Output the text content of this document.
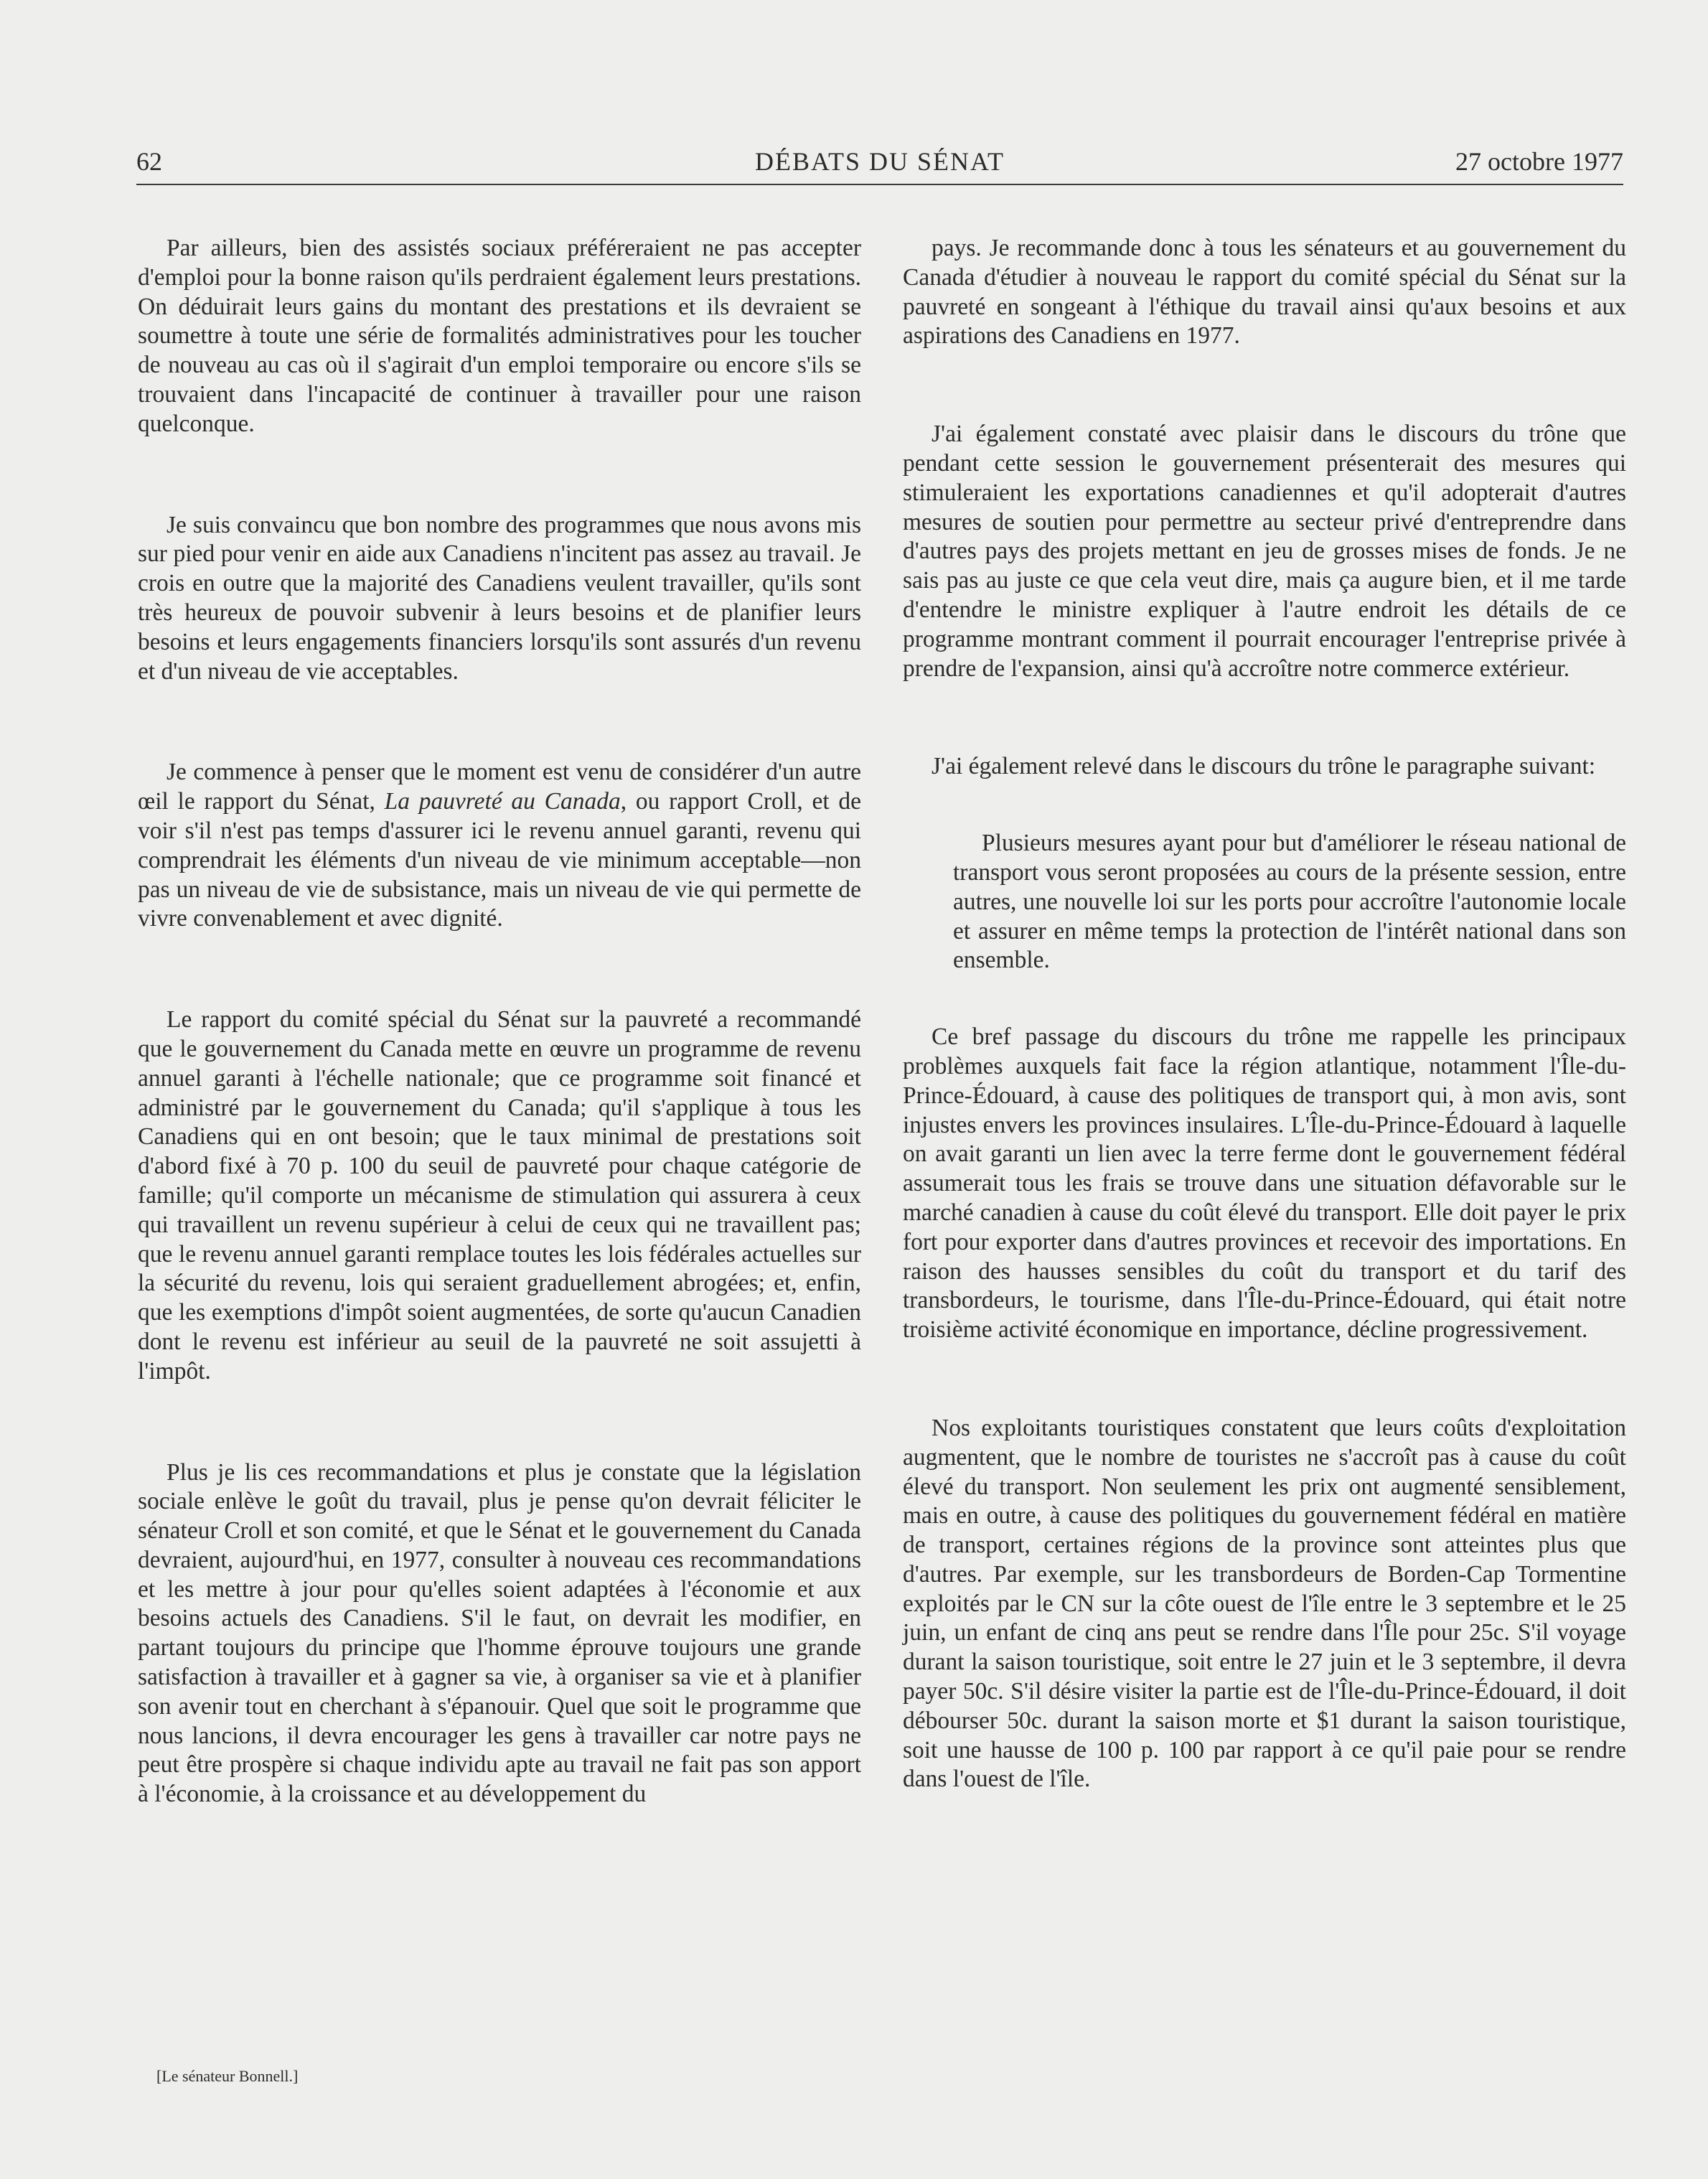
62	DÉBATS DU SÉNAT	27 octobre 1977

Par ailleurs, bien des assistés sociaux préféreraient ne pas accepter d'emploi pour la bonne raison qu'ils perdraient également leurs prestations. On déduirait leurs gains du montant des prestations et ils devraient se soumettre à toute une série de formalités administratives pour les toucher de nouveau au cas où il s'agirait d'un emploi temporaire ou encore s'ils se trouvaient dans l'incapacité de continuer à travailler pour une raison quelconque.

Je suis convaincu que bon nombre des programmes que nous avons mis sur pied pour venir en aide aux Canadiens n'incitent pas assez au travail. Je crois en outre que la majorité des Canadiens veulent travailler, qu'ils sont très heureux de pouvoir subvenir à leurs besoins et de planifier leurs besoins et leurs engagements financiers lorsqu'ils sont assurés d'un revenu et d'un niveau de vie acceptables.

Je commence à penser que le moment est venu de considérer d'un autre œil le rapport du Sénat, La pauvreté au Canada, ou rapport Croll, et de voir s'il n'est pas temps d'assurer ici le revenu annuel garanti, revenu qui comprendrait les éléments d'un niveau de vie minimum acceptable—non pas un niveau de vie de subsistance, mais un niveau de vie qui permette de vivre convenablement et avec dignité.

Le rapport du comité spécial du Sénat sur la pauvreté a recommandé que le gouvernement du Canada mette en œuvre un programme de revenu annuel garanti à l'échelle nationale; que ce programme soit financé et administré par le gouvernement du Canada; qu'il s'applique à tous les Canadiens qui en ont besoin; que le taux minimal de prestations soit d'abord fixé à 70 p. 100 du seuil de pauvreté pour chaque catégorie de famille; qu'il comporte un mécanisme de stimulation qui assurera à ceux qui travaillent un revenu supérieur à celui de ceux qui ne travaillent pas; que le revenu annuel garanti remplace toutes les lois fédérales actuelles sur la sécurité du revenu, lois qui seraient graduellement abrogées; et, enfin, que les exemptions d'impôt soient augmentées, de sorte qu'aucun Canadien dont le revenu est inférieur au seuil de la pauvreté ne soit assujetti à l'impôt.

Plus je lis ces recommandations et plus je constate que la législation sociale enlève le goût du travail, plus je pense qu'on devrait féliciter le sénateur Croll et son comité, et que le Sénat et le gouvernement du Canada devraient, aujourd'hui, en 1977, consulter à nouveau ces recommandations et les mettre à jour pour qu'elles soient adaptées à l'économie et aux besoins actuels des Canadiens. S'il le faut, on devrait les modifier, en partant toujours du principe que l'homme éprouve toujours une grande satisfaction à travailler et à gagner sa vie, à organiser sa vie et à planifier son avenir tout en cherchant à s'épanouir. Quel que soit le programme que nous lancions, il devra encourager les gens à travailler car notre pays ne peut être prospère si chaque individu apte au travail ne fait pas son apport à l'économie, à la croissance et au développement du

pays. Je recommande donc à tous les sénateurs et au gouvernement du Canada d'étudier à nouveau le rapport du comité spécial du Sénat sur la pauvreté en songeant à l'éthique du travail ainsi qu'aux besoins et aux aspirations des Canadiens en 1977.

J'ai également constaté avec plaisir dans le discours du trône que pendant cette session le gouvernement présenterait des mesures qui stimuleraient les exportations canadiennes et qu'il adopterait d'autres mesures de soutien pour permettre au secteur privé d'entreprendre dans d'autres pays des projets mettant en jeu de grosses mises de fonds. Je ne sais pas au juste ce que cela veut dire, mais ça augure bien, et il me tarde d'entendre le ministre expliquer à l'autre endroit les détails de ce programme montrant comment il pourrait encourager l'entreprise privée à prendre de l'expansion, ainsi qu'à accroître notre commerce extérieur.

J'ai également relevé dans le discours du trône le paragraphe suivant:

Plusieurs mesures ayant pour but d'améliorer le réseau national de transport vous seront proposées au cours de la présente session, entre autres, une nouvelle loi sur les ports pour accroître l'autonomie locale et assurer en même temps la protection de l'intérêt national dans son ensemble.

Ce bref passage du discours du trône me rappelle les principaux problèmes auxquels fait face la région atlantique, notamment l'Île-du-Prince-Édouard, à cause des politiques de transport qui, à mon avis, sont injustes envers les provinces insulaires. L'Île-du-Prince-Édouard à laquelle on avait garanti un lien avec la terre ferme dont le gouvernement fédéral assumerait tous les frais se trouve dans une situation défavorable sur le marché canadien à cause du coût élevé du transport. Elle doit payer le prix fort pour exporter dans d'autres provinces et recevoir des importations. En raison des hausses sensibles du coût du transport et du tarif des transbordeurs, le tourisme, dans l'Île-du-Prince-Édouard, qui était notre troisième activité économique en importance, décline progressivement.

Nos exploitants touristiques constatent que leurs coûts d'exploitation augmentent, que le nombre de touristes ne s'accroît pas à cause du coût élevé du transport. Non seulement les prix ont augmenté sensiblement, mais en outre, à cause des politiques du gouvernement fédéral en matière de transport, certaines régions de la province sont atteintes plus que d'autres. Par exemple, sur les transbordeurs de Borden-Cap Tormentine exploités par le CN sur la côte ouest de l'île entre le 3 septembre et le 25 juin, un enfant de cinq ans peut se rendre dans l'Île pour 25c. S'il voyage durant la saison touristique, soit entre le 27 juin et le 3 septembre, il devra payer 50c. S'il désire visiter la partie est de l'Île-du-Prince-Édouard, il doit débourser 50c. durant la saison morte et $1 durant la saison touristique, soit une hausse de 100 p. 100 par rapport à ce qu'il paie pour se rendre dans l'ouest de l'île.

[Le sénateur Bonnell.]
